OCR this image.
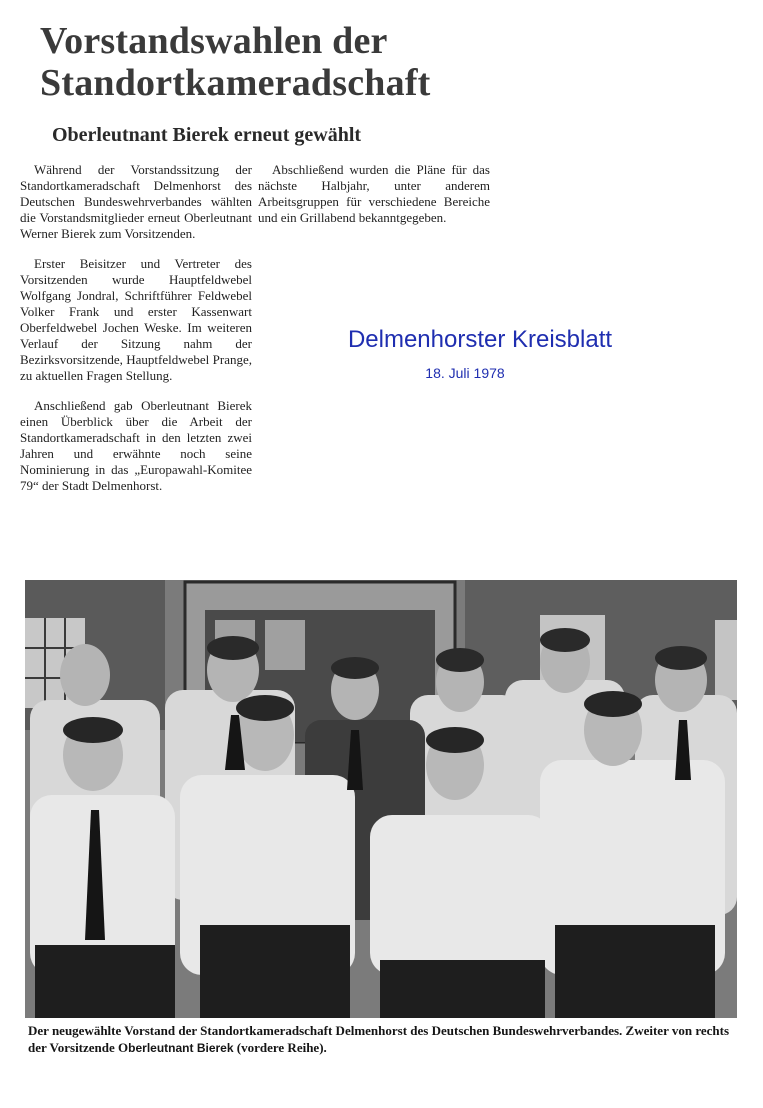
Vorstandswahlen der
Standortkameradschaft
Oberleutnant Bierek erneut gewählt

Während der Vorstandssitzung der Standortkameradschaft Delmenhorst des Deutschen Bundeswehrverbandes wählten die Vorstandsmitglieder erneut Oberleutnant Werner Bierek zum Vorsitzenden.

Erster Beisitzer und Vertreter des Vorsitzenden wurde Hauptfeldwebel Wolfgang Jondral, Schriftführer Feldwebel Volker Frank und erster Kassenwart Oberfeldwebel Jochen Weske. Im weiteren Verlauf der Sitzung nahm der Bezirksvorsitzende, Hauptfeldwebel Prange, zu aktuellen Fragen Stellung.

Anschließend gab Oberleutnant Bierek einen Überblick über die Arbeit der Standortkameradschaft in den letzten zwei Jahren und erwähnte noch seine Nominierung in das „Europawahl-Komitee 79“ der Stadt Delmenhorst.

Abschließend wurden die Pläne für das nächste Halbjahr, unter anderem Arbeitsgruppen für verschiedene Bereiche und ein Grillabend bekanntgegeben.

Delmenhorster Kreisblatt
18. Juli 1978
Der neugewählte Vorstand der Standortkameradschaft Delmenhorst des Deutschen Bundeswehrverbandes. Zweiter von rechts der Vorsitzende Oberleutnant Bierek (vordere Reihe).
